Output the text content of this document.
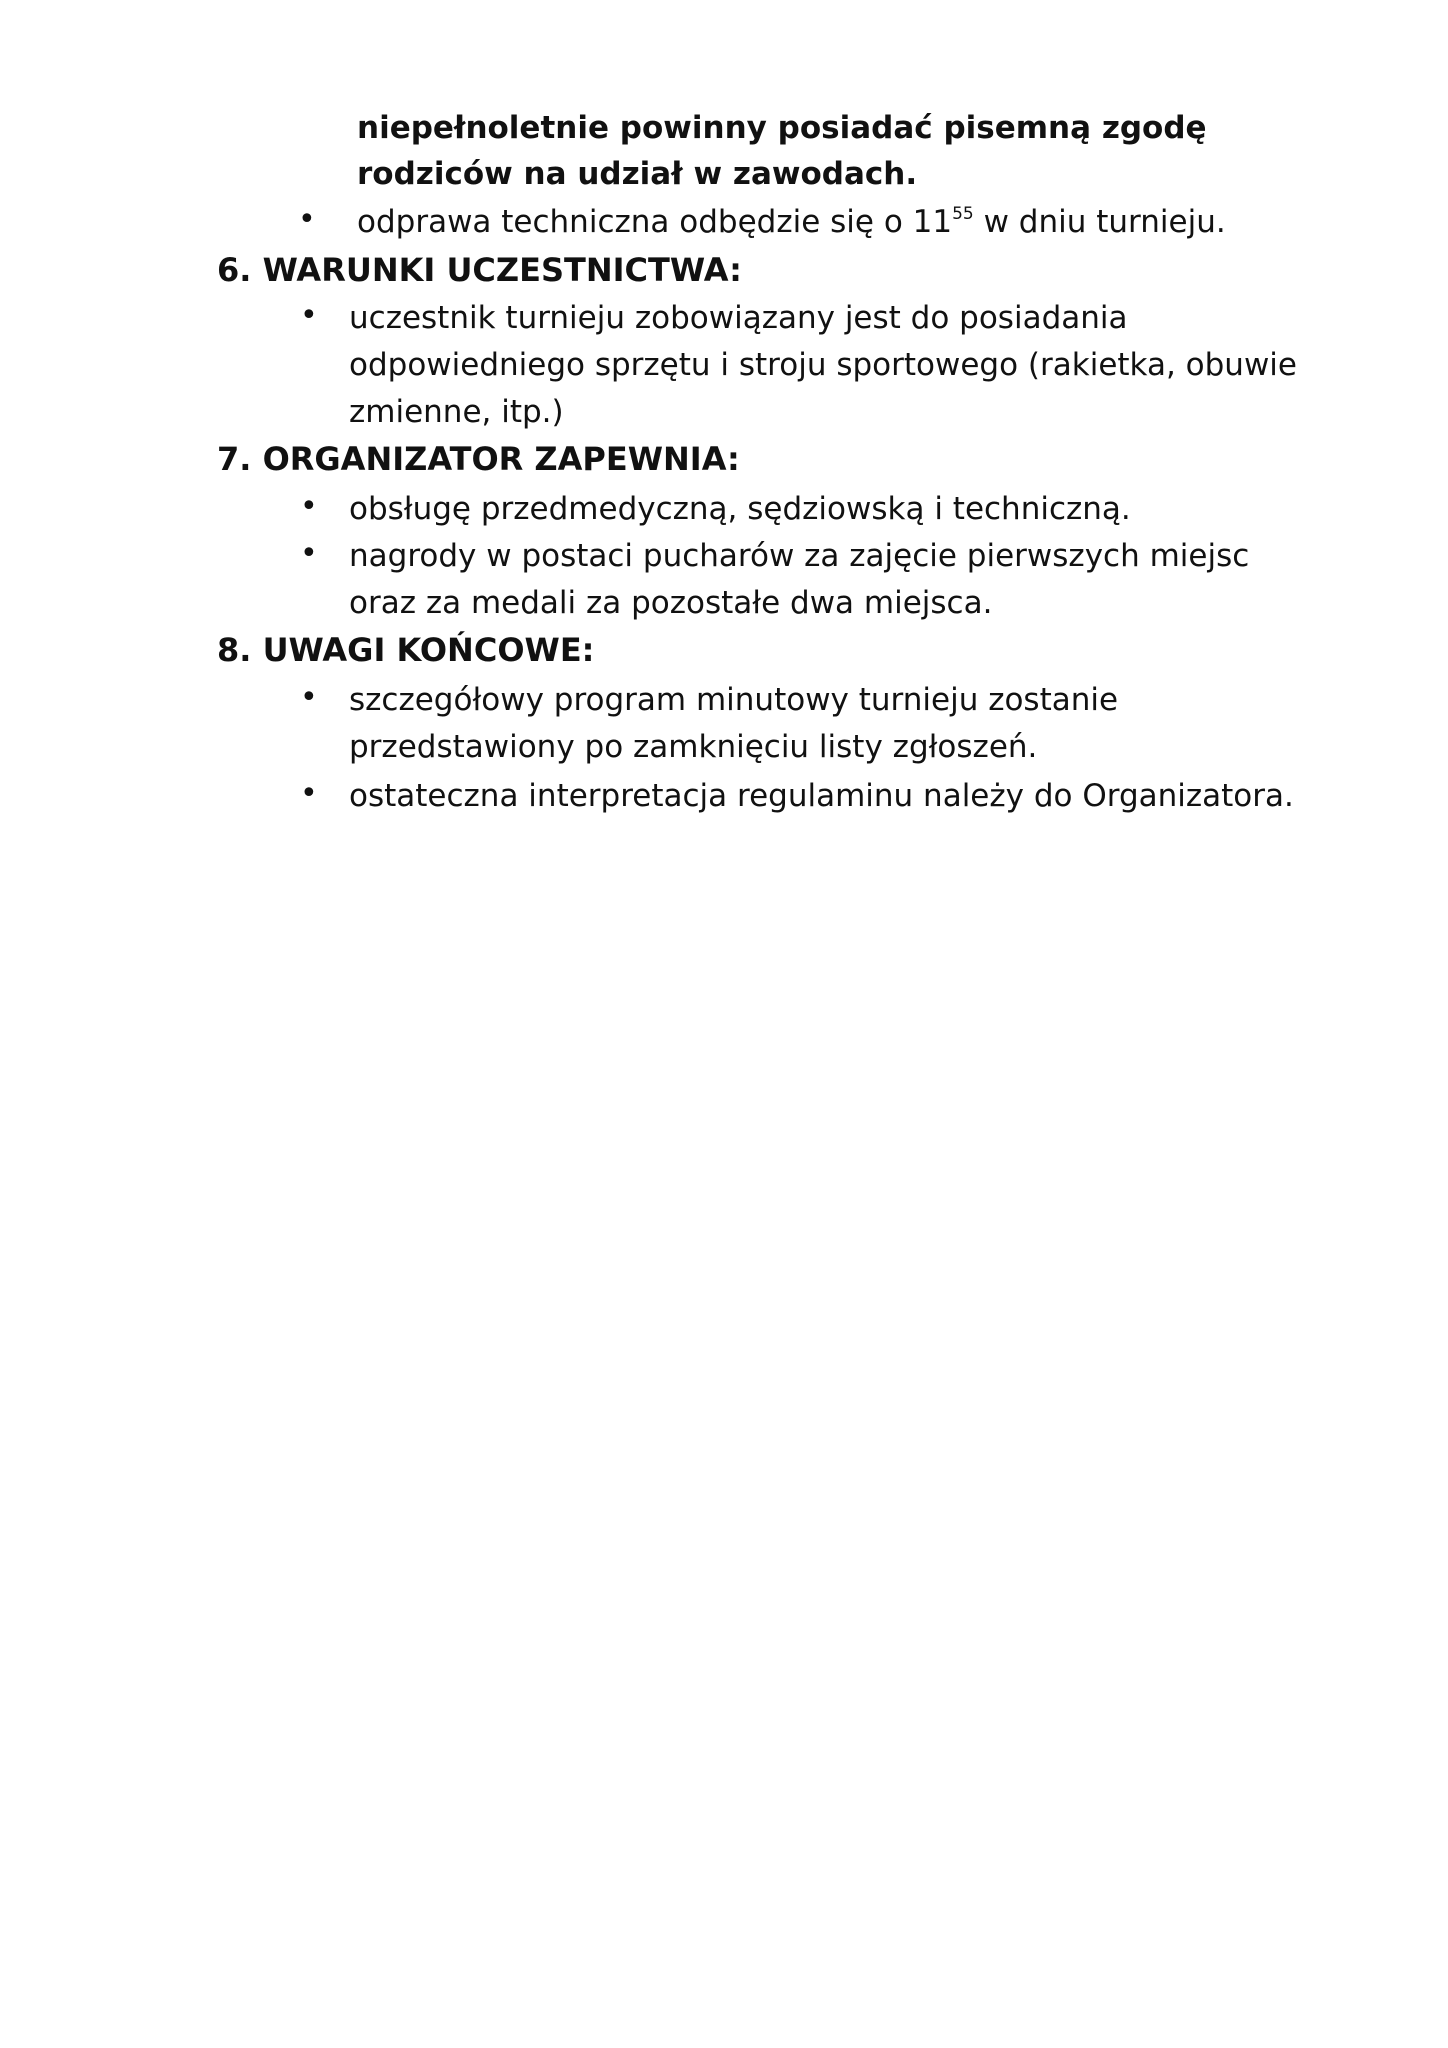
niepełnoletnie powinny posiadać pisemną zgodę
rodziców na udział w zawodach.
• odprawa techniczna odbędzie się o $11^{55}$ w dniu turnieju.
6. WARUNKI UCZESTNICTWA:
• uczestnik turnieju zobowiązany jest do posiadania
odpowiedniego sprzętu i stroju sportowego (rakietka, obuwie
zmienne, itp.)
7. ORGANIZATOR ZAPEWNIA:
• obsługę przedmedyczną, sędziowską i techniczną.
• nagrody w postaci pucharów za zajęcie pierwszych miejsc
oraz za medali za pozostałe dwa miejsca.
8. UWAGI KOŃCOWE:
• szczegółowy program minutowy turnieju zostanie
przedstawiony po zamknięciu listy zgłoszeń.
• ostateczna interpretacja regulaminu należy do Organizatora.
